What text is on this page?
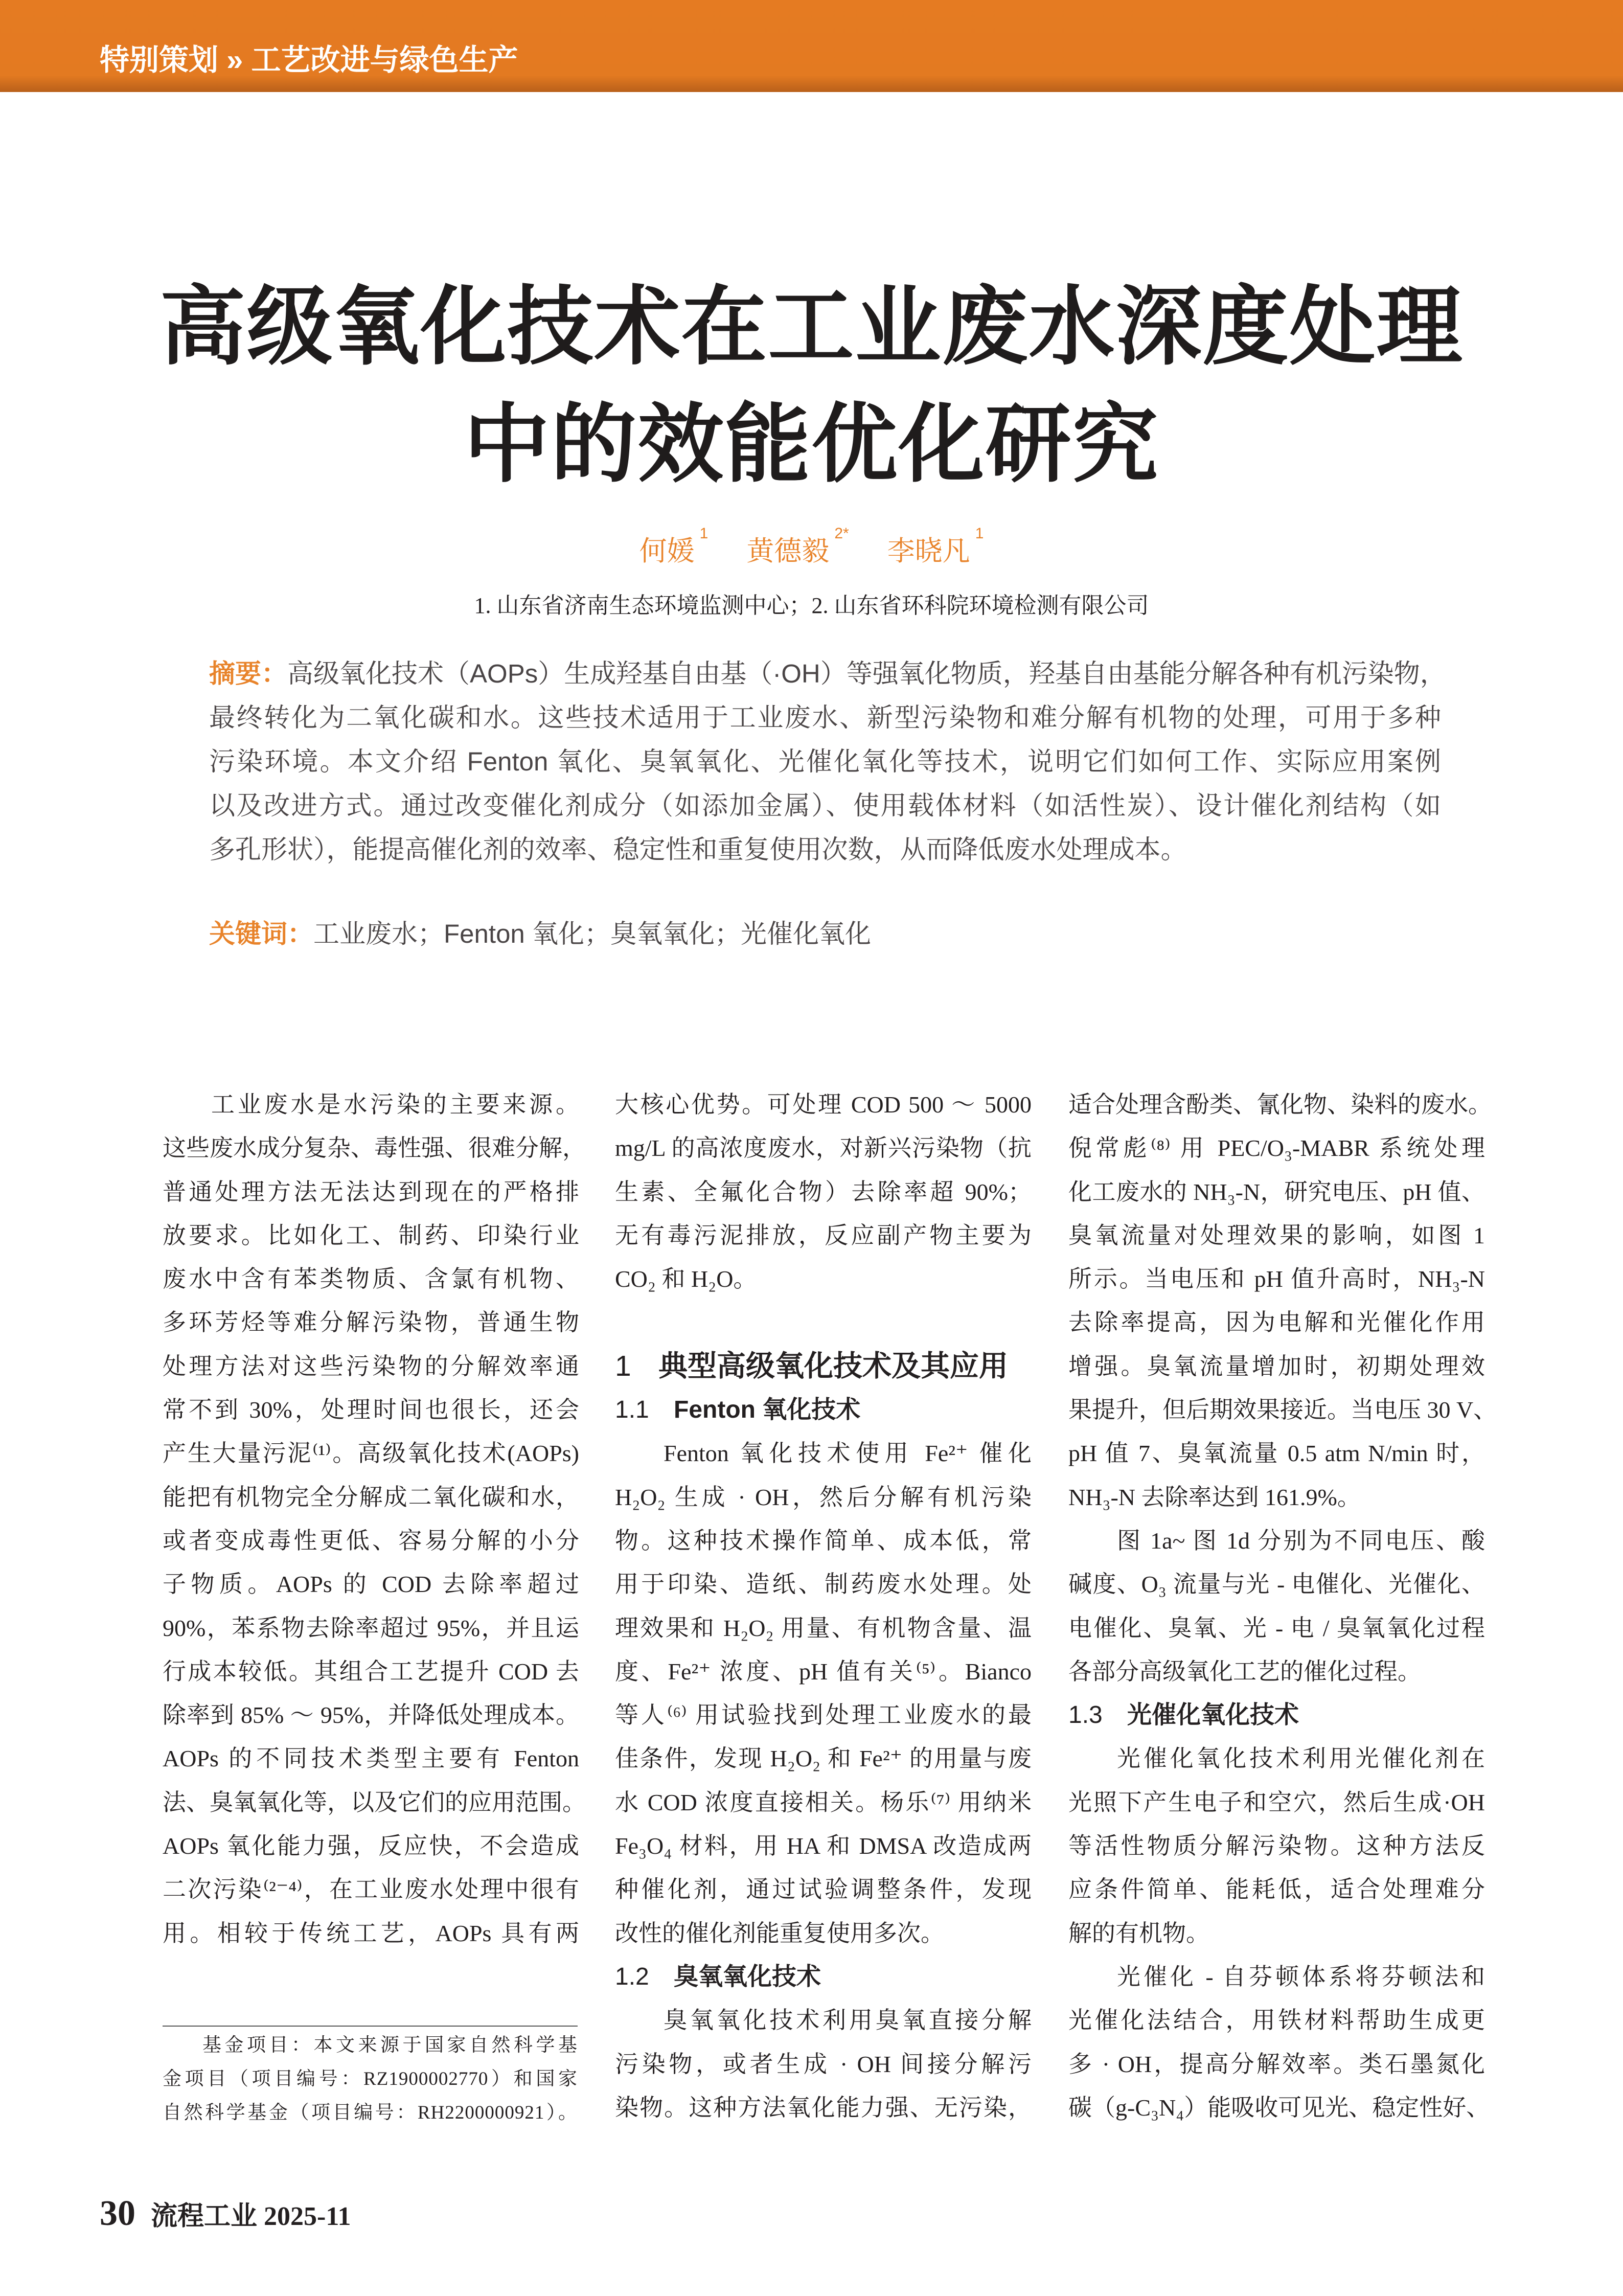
特别策划 » 工艺改进与绿色生产
高级氧化技术在工业废水深度处理
中的效能优化研究
何媛$^1$ 黄德毅$^{2*}$ 李晓凡$^1$
1. 山东省济南生态环境监测中心；2. 山东省环科院环境检测有限公司
摘要：高级氧化技术（AOPs）生成羟基自由基（·OH）等强氧化物质，羟基自由基能分解各种有机污染物，
最终转化为二氧化碳和水。这些技术适用于工业废水、新型污染物和难分解有机物的处理，可用于多种
污染环境。本文介绍 Fenton 氧化、臭氧氧化、光催化氧化等技术，说明它们如何工作、实际应用案例
以及改进方式。通过改变催化剂成分（如添加金属）、使用载体材料（如活性炭）、设计催化剂结构（如
多孔形状），能提高催化剂的效率、稳定性和重复使用次数，从而降低废水处理成本。
关键词：工业废水；Fenton 氧化；臭氧氧化；光催化氧化
工业废水是水污染的主要来源。
这些废水成分复杂、毒性强、很难分解，
普通处理方法无法达到现在的严格排
放要求。比如化工、制药、印染行业
废水中含有苯类物质、含氯有机物、
多环芳烃等难分解污染物，普通生物
处理方法对这些污染物的分解效率通
常不到 30%，处理时间也很长，还会
产生大量污泥⁽¹⁾。高级氧化技术(AOPs)
能把有机物完全分解成二氧化碳和水，
或者变成毒性更低、容易分解的小分
子物质。AOPs 的 COD 去除率超过
90%，苯系物去除率超过 95%，并且运
行成本较低。其组合工艺提升 COD 去
除率到 85% ～ 95%，并降低处理成本。
AOPs 的不同技术类型主要有 Fenton
法、臭氧氧化等，以及它们的应用范围。
AOPs 氧化能力强，反应快，不会造成
二次污染⁽²⁻⁴⁾，在工业废水处理中很有
用。相较于传统工艺，AOPs 具有两
大核心优势。可处理 COD 500 ～ 5000
mg/L 的高浓度废水，对新兴污染物（抗
生素、全氟化合物）去除率超 90%；
无有毒污泥排放，反应副产物主要为
CO₂ 和 H₂O。
1 典型高级氧化技术及其应用
1.1 Fenton 氧化技术
Fenton 氧化技术使用 Fe²⁺ 催化
H₂O₂ 生成 · OH，然后分解有机污染
物。这种技术操作简单、成本低，常
用于印染、造纸、制药废水处理。处
理效果和 H₂O₂ 用量、有机物含量、温
度、Fe²⁺ 浓度、pH 值有关⁽⁵⁾。Bianco
等人⁽⁶⁾ 用试验找到处理工业废水的最
佳条件，发现 H₂O₂ 和 Fe²⁺ 的用量与废
水 COD 浓度直接相关。杨乐⁽⁷⁾ 用纳米
Fe₃O₄ 材料，用 HA 和 DMSA 改造成两
种催化剂，通过试验调整条件，发现
改性的催化剂能重复使用多次。
1.2 臭氧氧化技术
臭氧氧化技术利用臭氧直接分解
污染物，或者生成 · OH 间接分解污
染物。这种方法氧化能力强、无污染，
适合处理含酚类、氰化物、染料的废水。
倪常彪⁽⁸⁾ 用 PEC/O₃-MABR 系统处理
化工废水的 NH₃-N，研究电压、pH 值、
臭氧流量对处理效果的影响，如图 1
所示。当电压和 pH 值升高时，NH₃-N
去除率提高，因为电解和光催化作用
增强。臭氧流量增加时，初期处理效
果提升，但后期效果接近。当电压 30 V、
pH 值 7、臭氧流量 0.5 atm N/min 时，
NH₃-N 去除率达到 161.9%。
图 1a~ 图 1d 分别为不同电压、酸
碱度、O₃ 流量与光 - 电催化、光催化、
电催化、臭氧、光 - 电 / 臭氧氧化过程
各部分高级氧化工艺的催化过程。
1.3 光催化氧化技术
光催化氧化技术利用光催化剂在
光照下产生电子和空穴，然后生成·OH
等活性物质分解污染物。这种方法反
应条件简单、能耗低，适合处理难分
解的有机物。
光催化 - 自芬顿体系将芬顿法和
光催化法结合，用铁材料帮助生成更
多 · OH，提高分解效率。类石墨氮化
碳（g-C₃N₄）能吸收可见光、稳定性好、
基金项目：本文来源于国家自然科学基
金项目（项目编号：RZ1900002770）和国家
自然科学基金（项目编号：RH2200000921）。
30 流程工业 2025-11
